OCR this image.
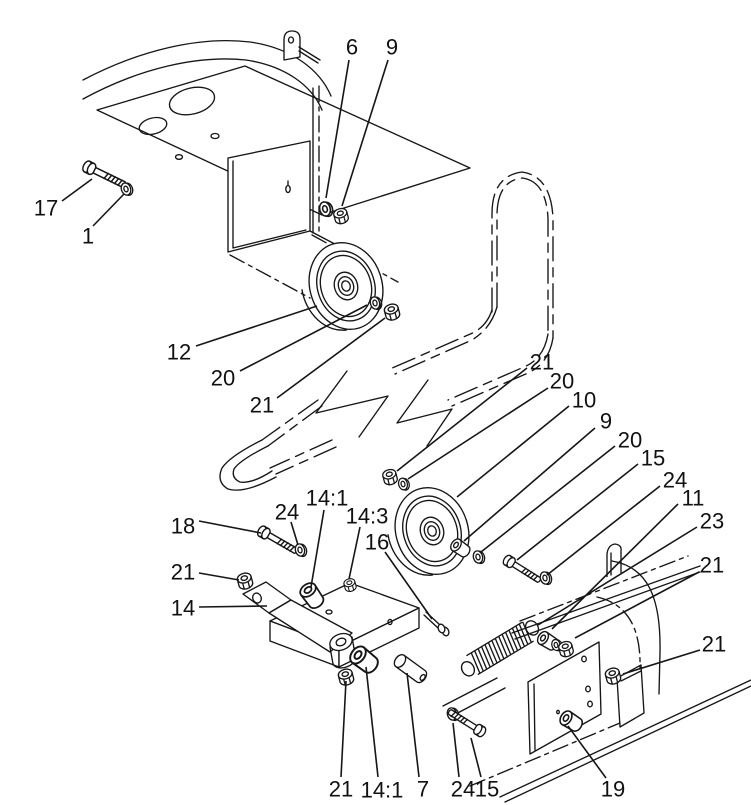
6 9
17
1
12
20
21
21
20
10
9
20
15
24
11
23
21
21
19
21 14:1 7 24 15
18
24
14:1
14:3
16
21
14
